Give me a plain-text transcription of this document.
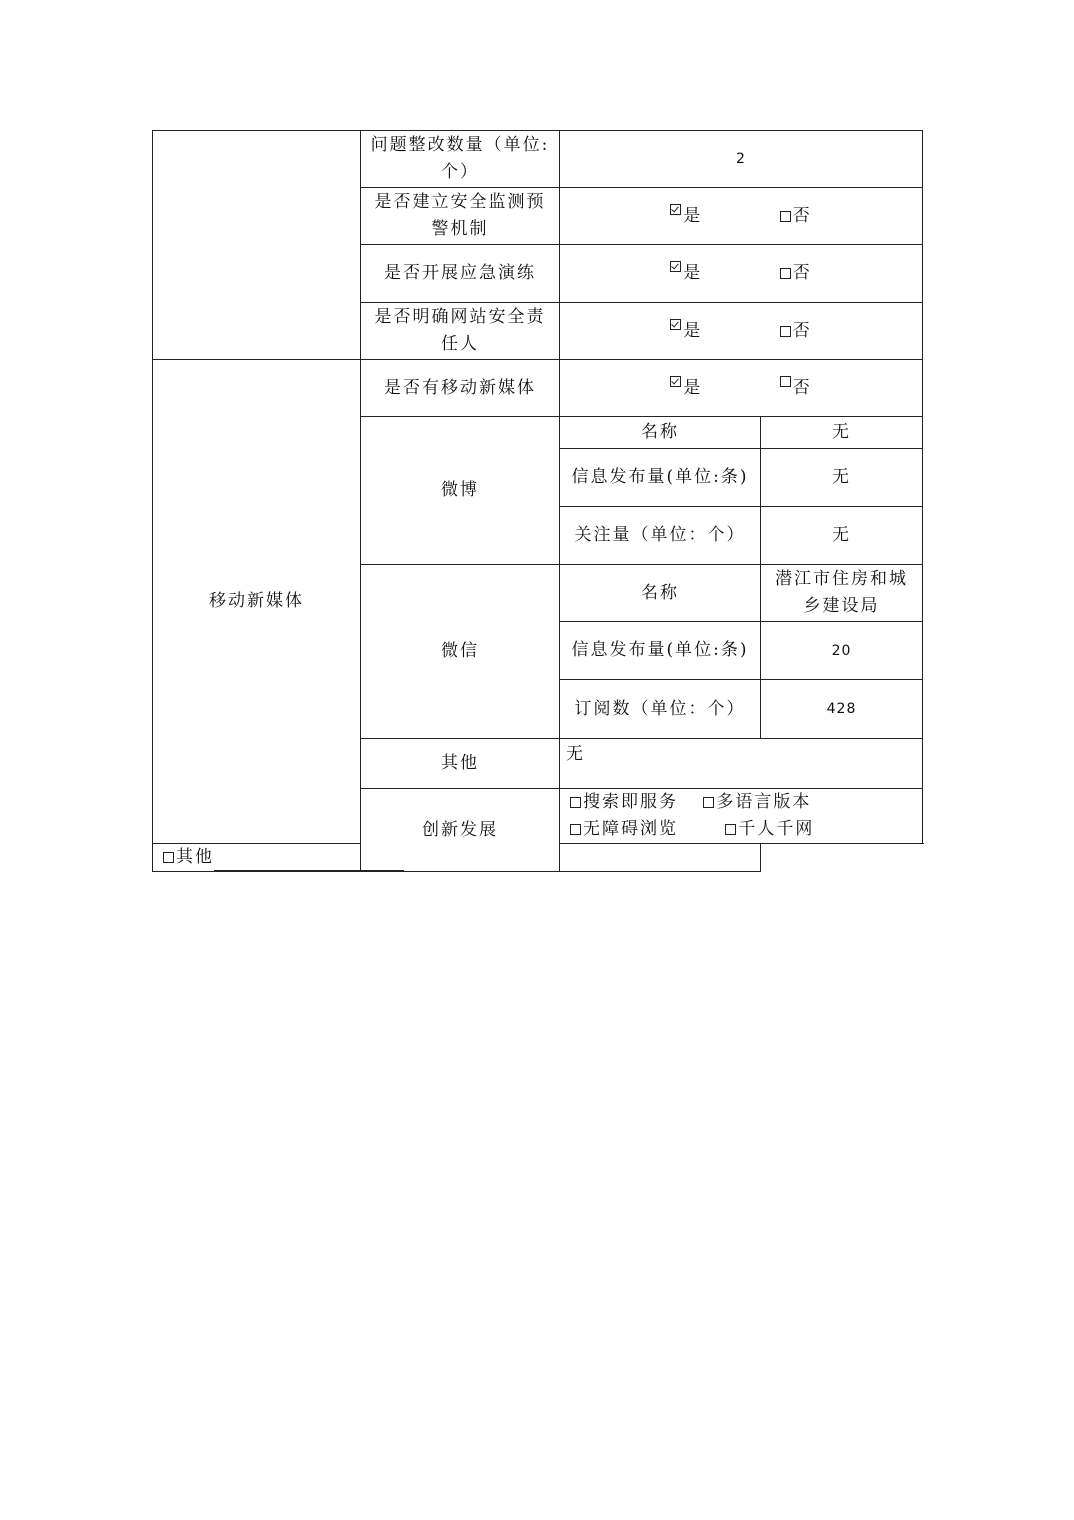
	问题整改数量（单位:个）	2	
	是否建立安全监测预警机制	是 否	
	是否开展应急演练	是 否	
	是否明确网站安全责任人	是 否	
移动新媒体	是否有移动新媒体	是 否	
	微博	名称	无
		信息发布量(单位:条)	无
		关注量（单位：个）	无
	微信	名称	潜江市住房和城乡建设局
		信息发布量(单位:条)	20
		订阅数（单位：个）	428
	其他	无	
	创新发展	搜索即服务 多语言版本 无障碍浏览 千人千网	
其他			
